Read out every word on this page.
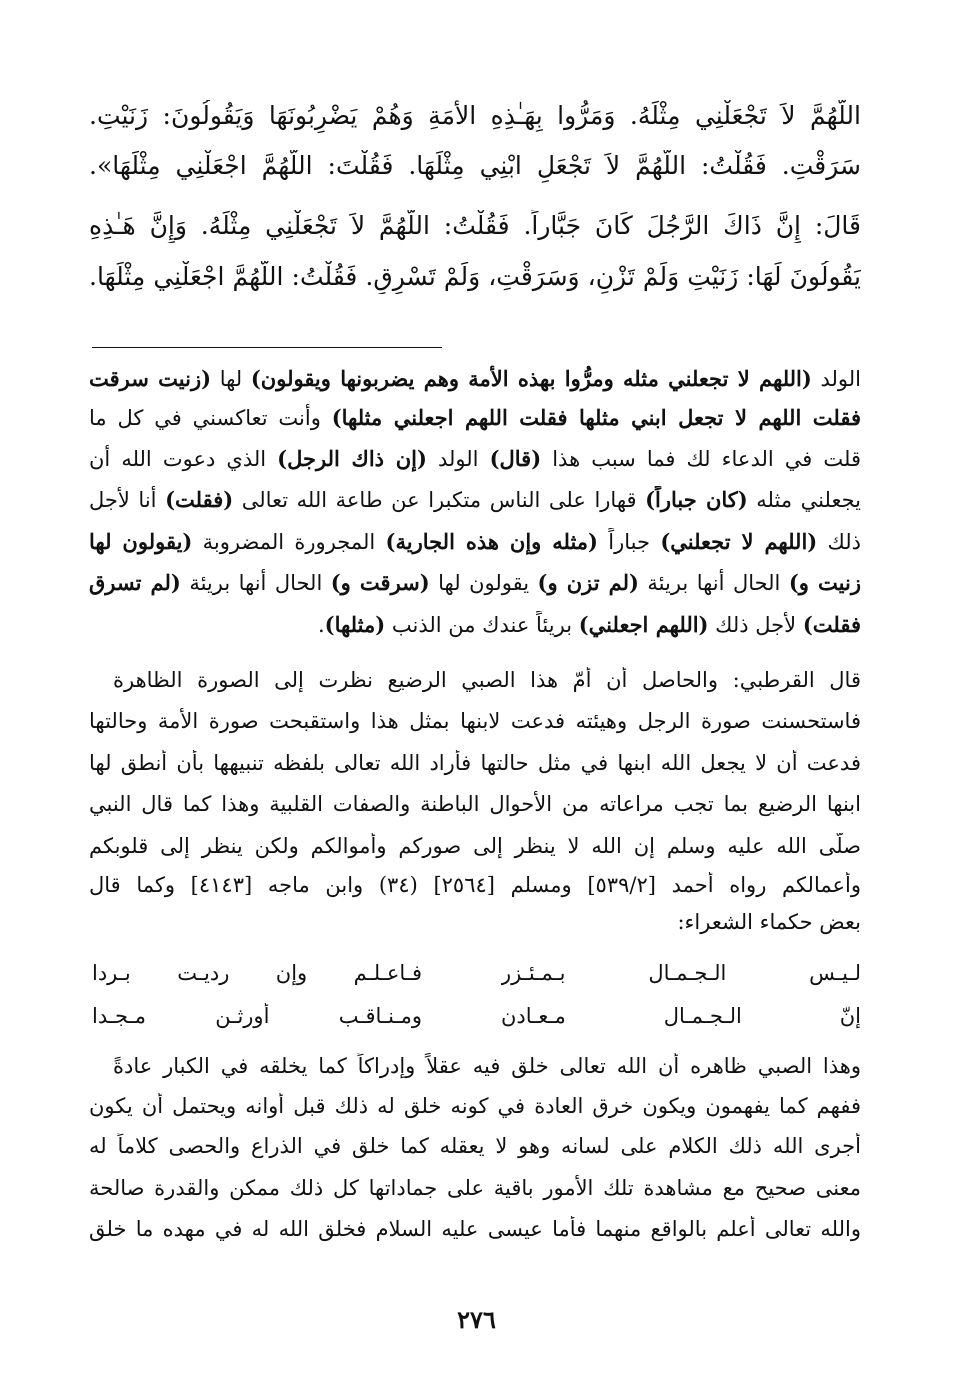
اللَّهُمَّ لاَ تَجْعَلْنِي مِثْلَهُ. وَمَرُّوا بِهَـٰذِهِ الأَمَةِ وَهُمْ يَضْرِبُونَهَا وَيَقُولُونَ: زَنَيْتِ.
سَرَقْتِ. فَقُلْتُ: اللَّهُمَّ لاَ تَجْعَلِ ابْنِي مِثْلَهَا. فَقُلْتَ: اللَّهُمَّ اجْعَلْنِي مِثْلَهَا».
قَالَ: إِنَّ ذَاكَ الرَّجُلَ كَانَ جَبَّاراً. فَقُلْتُ: اللَّهُمَّ لاَ تَجْعَلْنِي مِثْلَهُ. وَإِنَّ هَـٰذِهِ
يَقُولُونَ لَهَا: زَنَيْتِ وَلَمْ تَزْنِ، وَسَرَقْتِ، وَلَمْ تَسْرِقِ. فَقُلْتُ: اللَّهُمَّ اجْعَلْنِي مِثْلَهَا.
الولد (اللهم لا تجعلني مثله ومرُّوا بهذه الأمة وهم يضربونها ويقولون) لها (زنيت سرقت
فقلت اللهم لا تجعل ابني مثلها فقلت اللهم اجعلني مثلها) وأنت تعاكسني في كل ما
قلت في الدعاء لك فما سبب هذا (قال) الولد (إن ذاك الرجل) الذي دعوت الله أن
يجعلني مثله (كان جباراً) قهارا على الناس متكبرا عن طاعة الله تعالى (فقلت) أنا لأجل
ذلك (اللهم لا تجعلني) جباراً (مثله وإن هذه الجارية) المجرورة المضروبة (يقولون لها
زنيت و) الحال أنها بريئة (لم تزن و) يقولون لها (سرقت و) الحال أنها بريئة (لم تسرق
فقلت) لأجل ذلك (اللهم اجعلني) بريئاً عندك من الذنب (مثلها).
قال القرطبي: والحاصل أن أمّ هذا الصبي الرضيع نظرت إلى الصورة الظاهرة
فاستحسنت صورة الرجل وهيئته فدعت لابنها بمثل هذا واستقبحت صورة الأمة وحالتها
فدعت أن لا يجعل الله ابنها في مثل حالتها فأراد الله تعالى بلفظه تنبيهها بأن أنطق لها
ابنها الرضيع بما تجب مراعاته من الأحوال الباطنة والصفات القلبية وهذا كما قال النبي
صلّى الله عليه وسلم إن الله لا ينظر إلى صوركم وأموالكم ولكن ينظر إلى قلوبكم
وأعمالكم رواه أحمد [٥٣٩/٢] ومسلم [٢٥٦٤] (٣٤) وابن ماجه [٤١٤٣] وكما قال
بعض حكماء الشعراء:
لـيـس الـجـمـال بـمـئـزر
فـاعـلـم وإن رديـت بـردا
إنّ الـجـمـال مـعـادن
ومـنـاقـب أورثـن مـجـدا
وهذا الصبي ظاهره أن الله تعالى خلق فيه عقلاً وإدراكاً كما يخلقه في الكبار عادةً
ففهم كما يفهمون ويكون خرق العادة في كونه خلق له ذلك قبل أوانه ويحتمل أن يكون
أجرى الله ذلك الكلام على لسانه وهو لا يعقله كما خلق في الذراع والحصى كلاماً له
معنى صحيح مع مشاهدة تلك الأمور باقية على جماداتها كل ذلك ممكن والقدرة صالحة
والله تعالى أعلم بالواقع منهما فأما عيسى عليه السلام فخلق الله له في مهده ما خلق
٢٧٦
